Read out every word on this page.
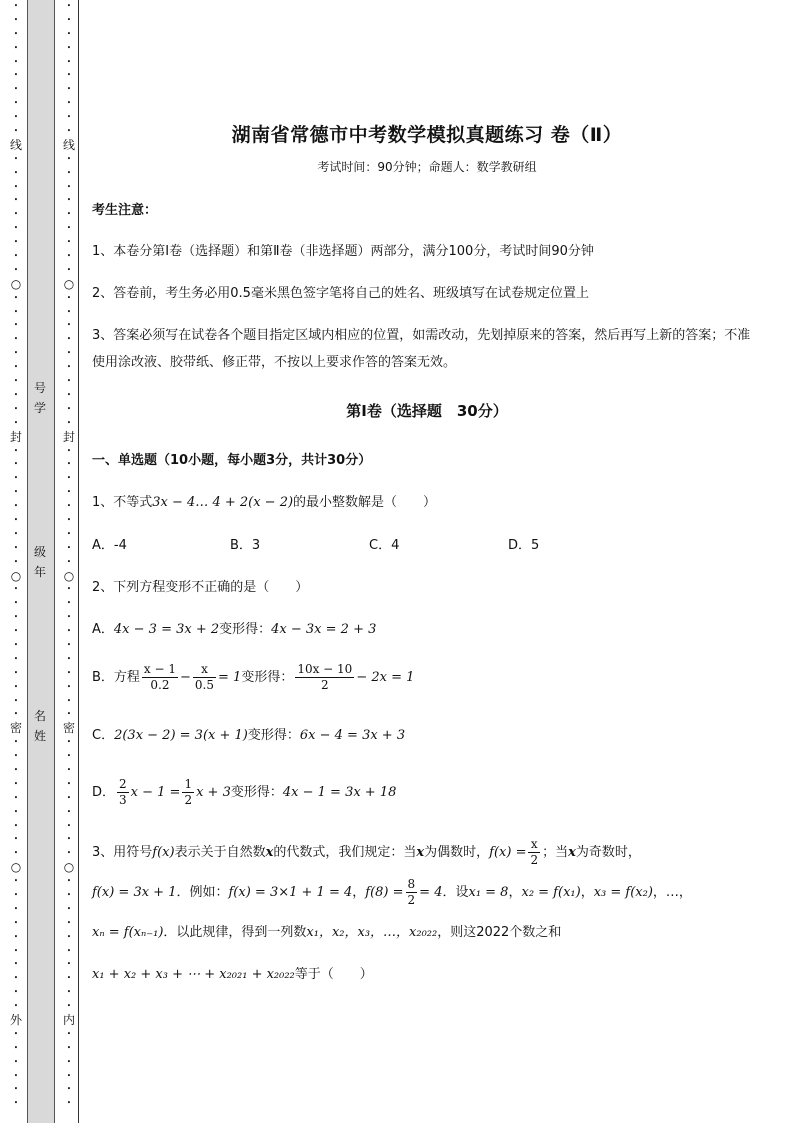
•
•
•
•
•
•
•
•
•
•
线
•
•
•
•
•
•
•
•
•
○
•
•
•
•
•
•
•
•
•
•
封
•
•
•
•
•
•
•
•
•
○
•
•
•
•
•
•
•
•
•
•
密
•
•
•
•
•
•
•
•
•
○
•
•
•
•
•
•
•
•
•
•
外
•
•
•
•
•
•
号
学
级
年
名
姓
•
•
•
•
•
•
•
•
•
•
线
•
•
•
•
•
•
•
•
•
○
•
•
•
•
•
•
•
•
•
•
封
•
•
•
•
•
•
•
•
•
○
•
•
•
•
•
•
•
•
•
•
密
•
•
•
•
•
•
•
•
•
○
•
•
•
•
•
•
•
•
•
•
内
•
•
•
•
•
•
湖南省常德市中考数学模拟真题练习 卷（Ⅱ）
考试时间：90分钟；命题人：数学教研组
考生注意：
1、本卷分第Ⅰ卷（选择题）和第Ⅱ卷（非选择题）两部分，满分100分，考试时间90分钟
2、答卷前，考生务必用0.5毫米黑色签字笔将自己的姓名、班级填写在试卷规定位置上
3、答案必须写在试卷各个题目指定区域内相应的位置，如需改动，先划掉原来的答案，然后再写上新的答案；不准使用涂改液、胶带纸、修正带，不按以上要求作答的答案无效。
第Ⅰ卷（选择题　30分）
一、单选题（10小题，每小题3分，共计30分）
1、不等式3x − 4… 4 + 2(x − 2)的最小整数解是（　　）
A．-4	B．3	C．4	D．5
2、下列方程变形不正确的是（　　）
A．4x − 3 = 3x + 2变形得：4x − 3x = 2 + 3
B．方程 $\frac{x - 1}{0.2} - \frac{x}{0.5} = 1$变形得： $\frac{10x - 10}{2} - 2x = 1$
C．2(3x − 2) = 3(x + 1)变形得：6x − 4 = 3x + 3
D． $\frac{2}{3}$ $x - 1 = \frac{1}{2}$ x + 3变形得：4x − 1 = 3x + 18
3、用符号f(x)表示关于自然数x的代数式，我们规定：当x为偶数时，$f(x) = \frac{x}{2}$ ；当x为奇数时，
f(x) = 3x + 1．例如：f(x) = 3×1 + 1 = 4，$f(8) = \frac{8}{2} = 4$．设x₁ = 8，x₂ = f(x₁)，x₃ = f(x₂)，…，
xₙ = f(xₙ₋₁)．以此规律，得到一列数x₁，x₂，x₃，…，x₂₀₂₂，则这2022个数之和
x₁ + x₂ + x₃ + ⋯ + x₂₀₂₁ + x₂₀₂₂等于（　　）
